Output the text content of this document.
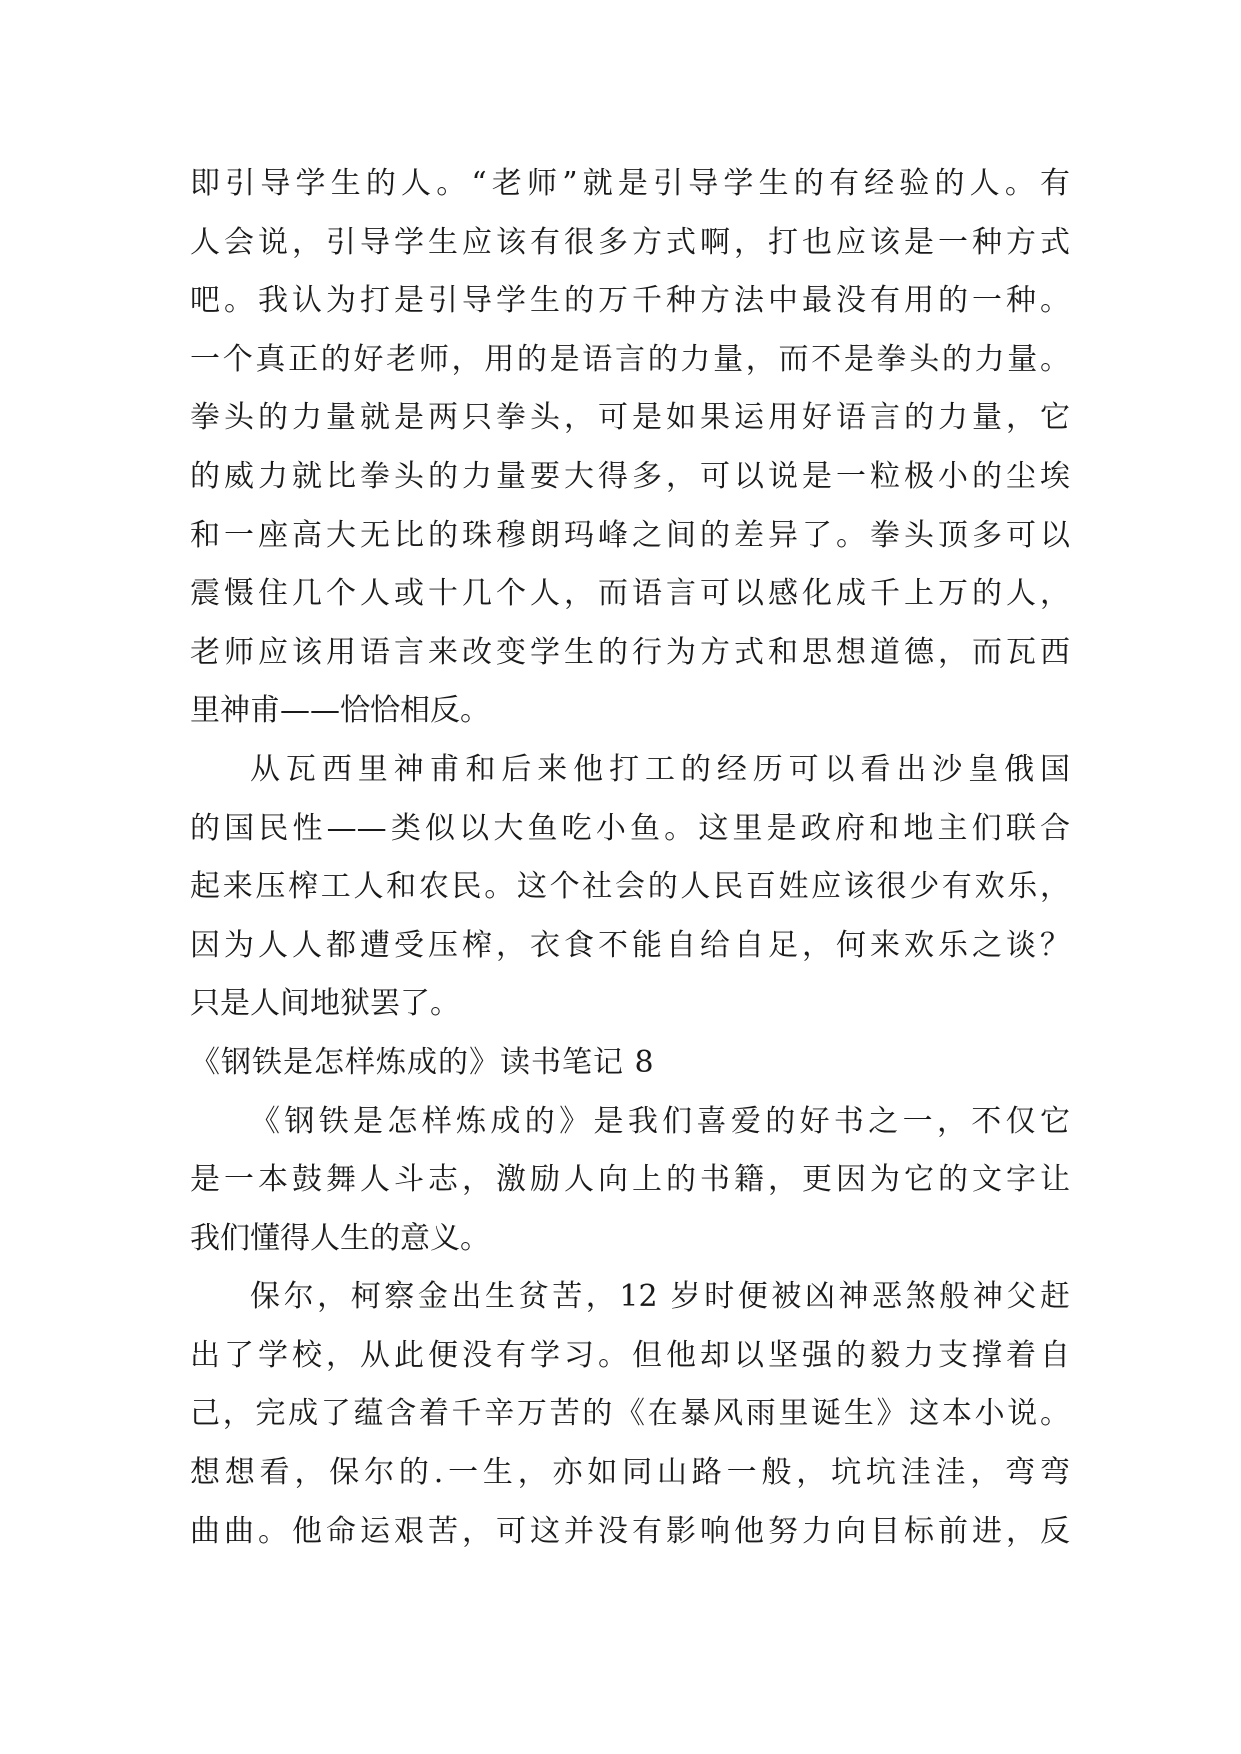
即引导学生的人。“老师”就是引导学生的有经验的人。有
人会说，引导学生应该有很多方式啊，打也应该是一种方式
吧。我认为打是引导学生的万千种方法中最没有用的一种。
一个真正的好老师，用的是语言的力量，而不是拳头的力量。
拳头的力量就是两只拳头，可是如果运用好语言的力量，它
的威力就比拳头的力量要大得多，可以说是一粒极小的尘埃
和一座高大无比的珠穆朗玛峰之间的差异了。拳头顶多可以
震慑住几个人或十几个人，而语言可以感化成千上万的人，
老师应该用语言来改变学生的行为方式和思想道德，而瓦西
里神甫——恰恰相反。
从瓦西里神甫和后来他打工的经历可以看出沙皇俄国
的国民性——类似以大鱼吃小鱼。这里是政府和地主们联合
起来压榨工人和农民。这个社会的人民百姓应该很少有欢乐，
因为人人都遭受压榨，衣食不能自给自足，何来欢乐之谈？
只是人间地狱罢了。
《钢铁是怎样炼成的》读书笔记 8
《钢铁是怎样炼成的》是我们喜爱的好书之一，不仅它
是一本鼓舞人斗志，激励人向上的书籍，更因为它的文字让
我们懂得人生的意义。
保尔，柯察金出生贫苦，12 岁时便被凶神恶煞般神父赶
出了学校，从此便没有学习。但他却以坚强的毅力支撑着自
己，完成了蕴含着千辛万苦的《在暴风雨里诞生》这本小说。
想想看，保尔的.一生，亦如同山路一般，坑坑洼洼，弯弯
曲曲。他命运艰苦，可这并没有影响他努力向目标前进，反
